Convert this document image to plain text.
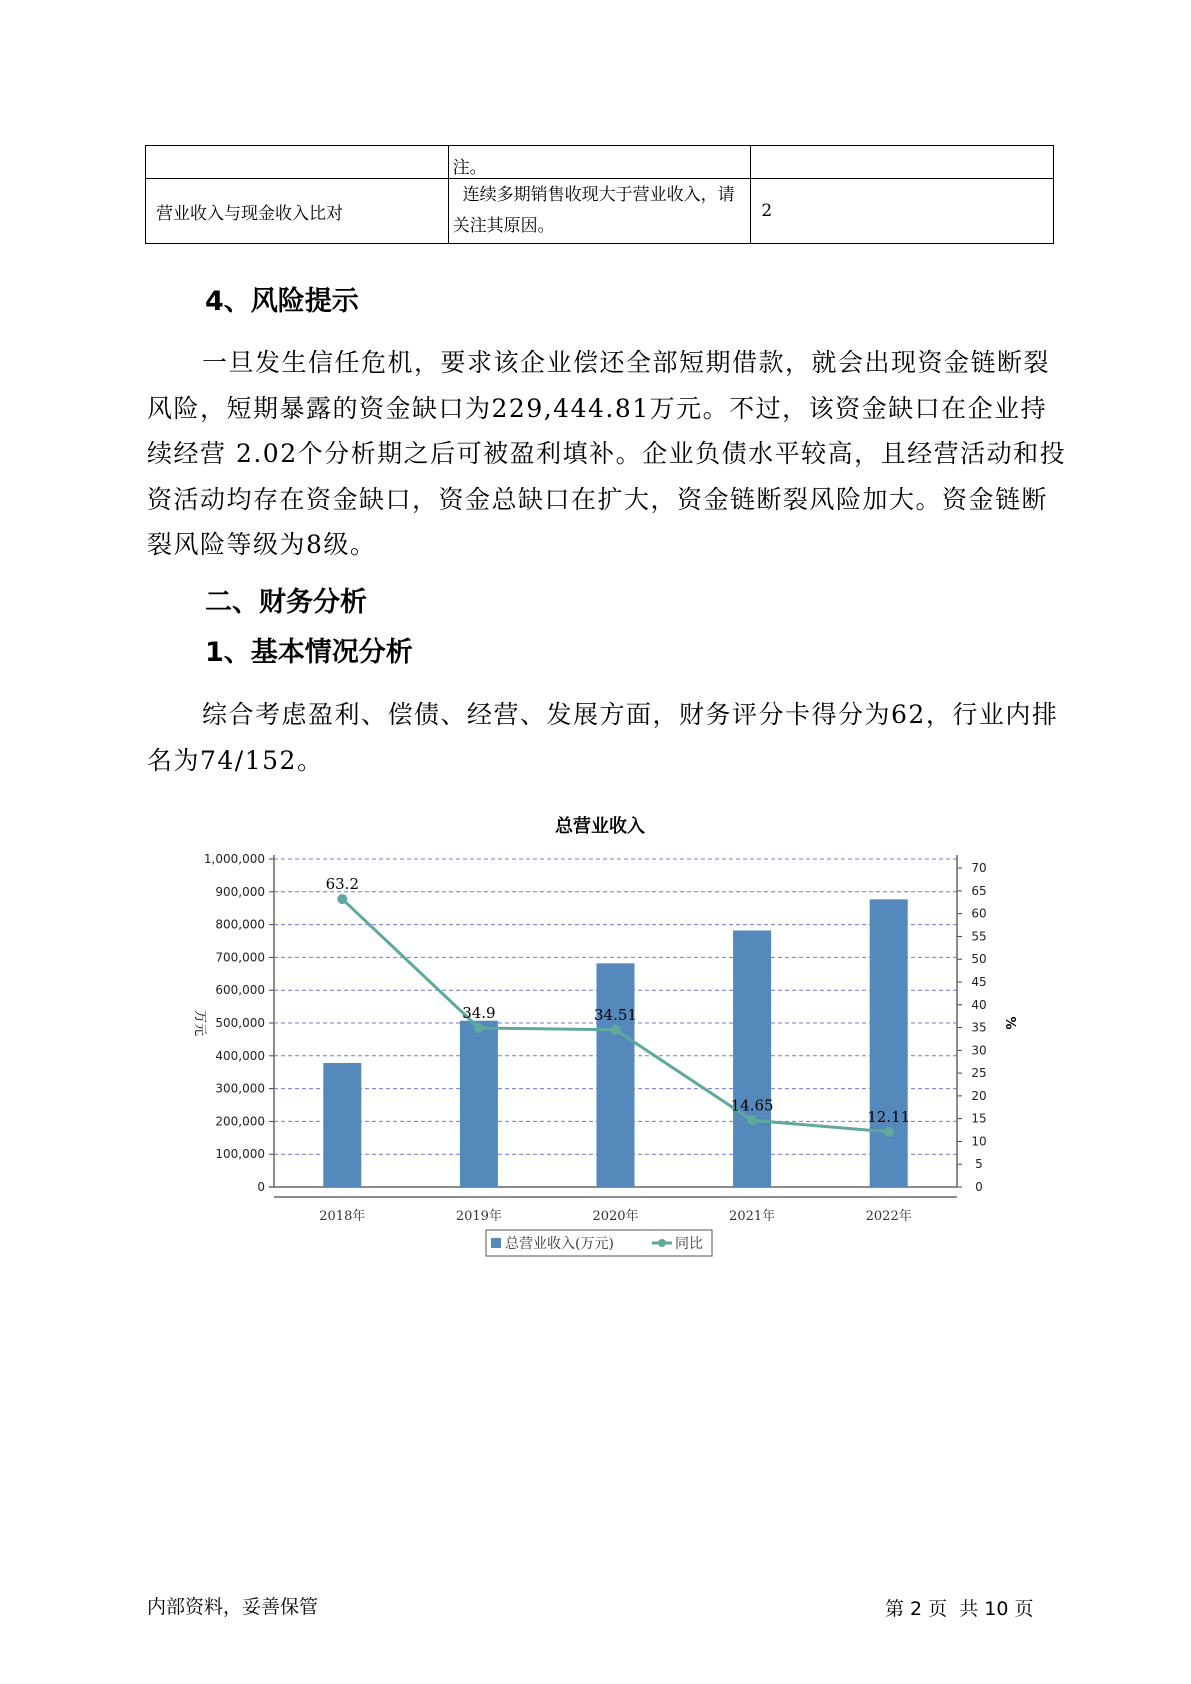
	注。	
营业收入与现金收入比对	连续多期销售收现大于营业收入，请关注其原因。	2
4、风险提示
一旦发生信任危机，要求该企业偿还全部短期借款，就会出现资金链断裂风险，短期暴露的资金缺口为229,444.81万元。不过，该资金缺口在企业持续经营 2.02个分析期之后可被盈利填补。企业负债水平较高，且经营活动和投资活动均存在资金缺口，资金总缺口在扩大，资金链断裂风险加大。资金链断裂风险等级为8级。
二、财务分析
1、基本情况分析
综合考虑盈利、偿债、经营、发展方面，财务评分卡得分为62，行业内排名为74/152。
总营业收入
0
100,000
200,000
300,000
400,000
500,000
600,000
700,000
800,000
900,000
1,000,000
0
5
10
15
20
25
30
35
40
45
50
55
60
65
70
万元	%
2018年	2019年	2020年	2021年	2022年
63.2
34.9	34.51
14.65
12.11
总营业收入(万元)	同比
内部资料，妥善保管	第 2 页  共 10 页
